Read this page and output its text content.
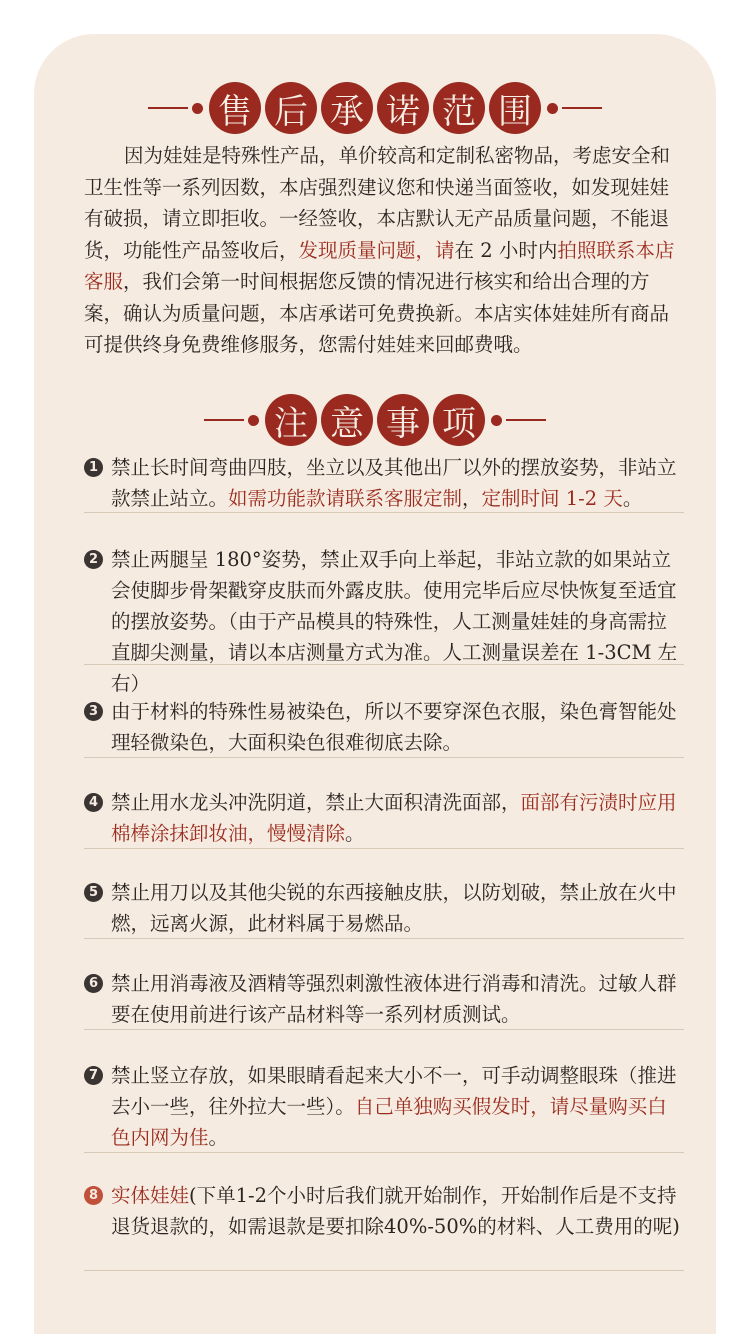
售 后 承 诺 范 围
因为娃娃是特殊性产品，单价较高和定制私密物品，考虑安全和卫生性等一系列因数，本店强烈建议您和快递当面签收，如发现娃娃有破损，请立即拒收。一经签收，本店默认无产品质量问题，不能退货，功能性产品签收后，发现质量问题，请在 2 小时内拍照联系本店客服，我们会第一时间根据您反馈的情况进行核实和给出合理的方案，确认为质量问题，本店承诺可免费换新。本店实体娃娃所有商品可提供终身免费维修服务，您需付娃娃来回邮费哦。
注 意 事 项
1 禁止长时间弯曲四肢，坐立以及其他出厂以外的摆放姿势，非站立款禁止站立。如需功能款请联系客服定制，定制时间 1-2 天。
2 禁止两腿呈 180°姿势，禁止双手向上举起，非站立款的如果站立会使脚步骨架戳穿皮肤而外露皮肤。使用完毕后应尽快恢复至适宜的摆放姿势。（由于产品模具的特殊性，人工测量娃娃的身高需拉直脚尖测量，请以本店测量方式为准。人工测量误差在 1-3CM 左右）
3 由于材料的特殊性易被染色，所以不要穿深色衣服，染色膏智能处理轻微染色，大面积染色很难彻底去除。
4 禁止用水龙头冲洗阴道，禁止大面积清洗面部，面部有污渍时应用棉棒涂抹卸妆油，慢慢清除。
5 禁止用刀以及其他尖锐的东西接触皮肤，以防划破，禁止放在火中燃，远离火源，此材料属于易燃品。
6 禁止用消毒液及酒精等强烈刺激性液体进行消毒和清洗。过敏人群要在使用前进行该产品材料等一系列材质测试。
7 禁止竖立存放，如果眼睛看起来大小不一，可手动调整眼珠（推进去小一些，往外拉大一些）。自己单独购买假发时，请尽量购买白色内网为佳。
8 实体娃娃(下单1-2个小时后我们就开始制作，开始制作后是不支持退货退款的，如需退款是要扣除40%-50%的材料、人工费用的呢)
